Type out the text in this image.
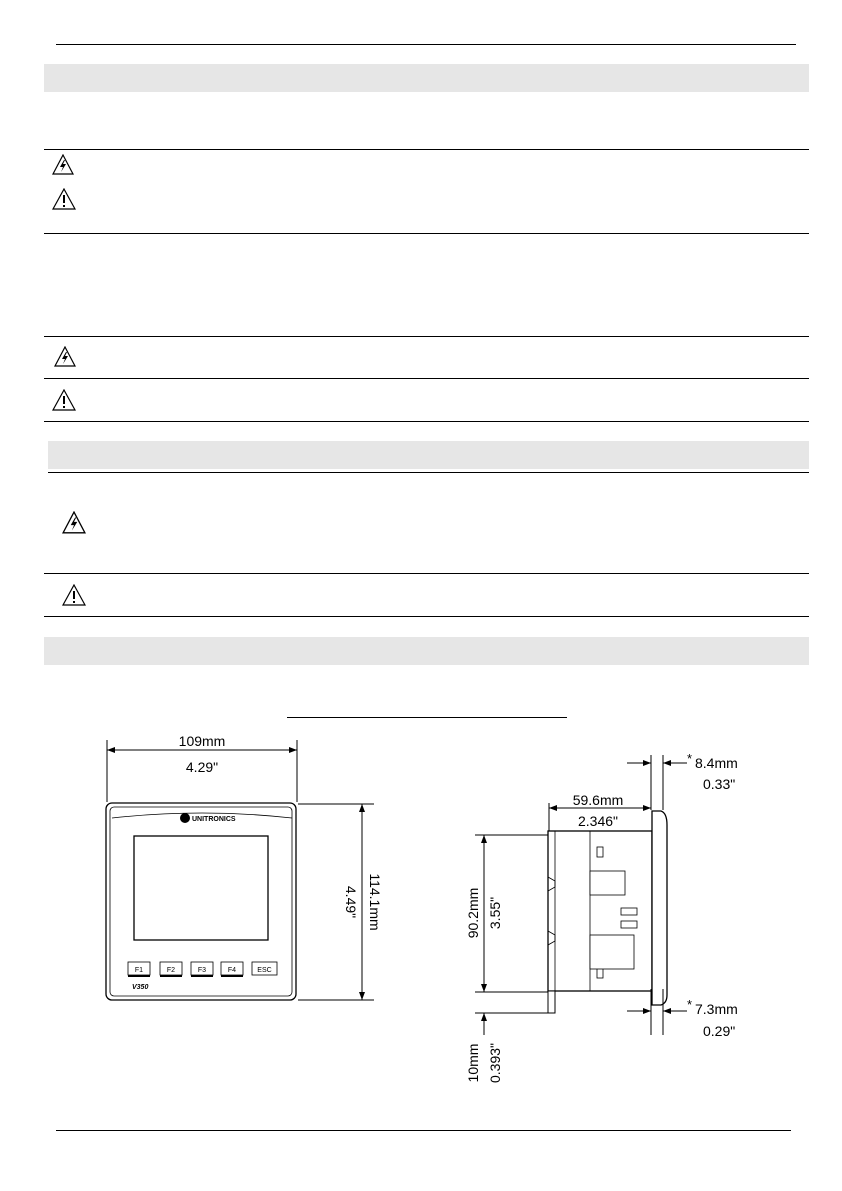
109mm
4.29"
UNITRONICS
F1	F2	F3	F4	ESC
V350
114.1mm
4.49"
* 8.4mm
0.33"
59.6mm
2.346"
90.2mm 3.55"
* 7.3mm
0.29"
10mm 0.393"
